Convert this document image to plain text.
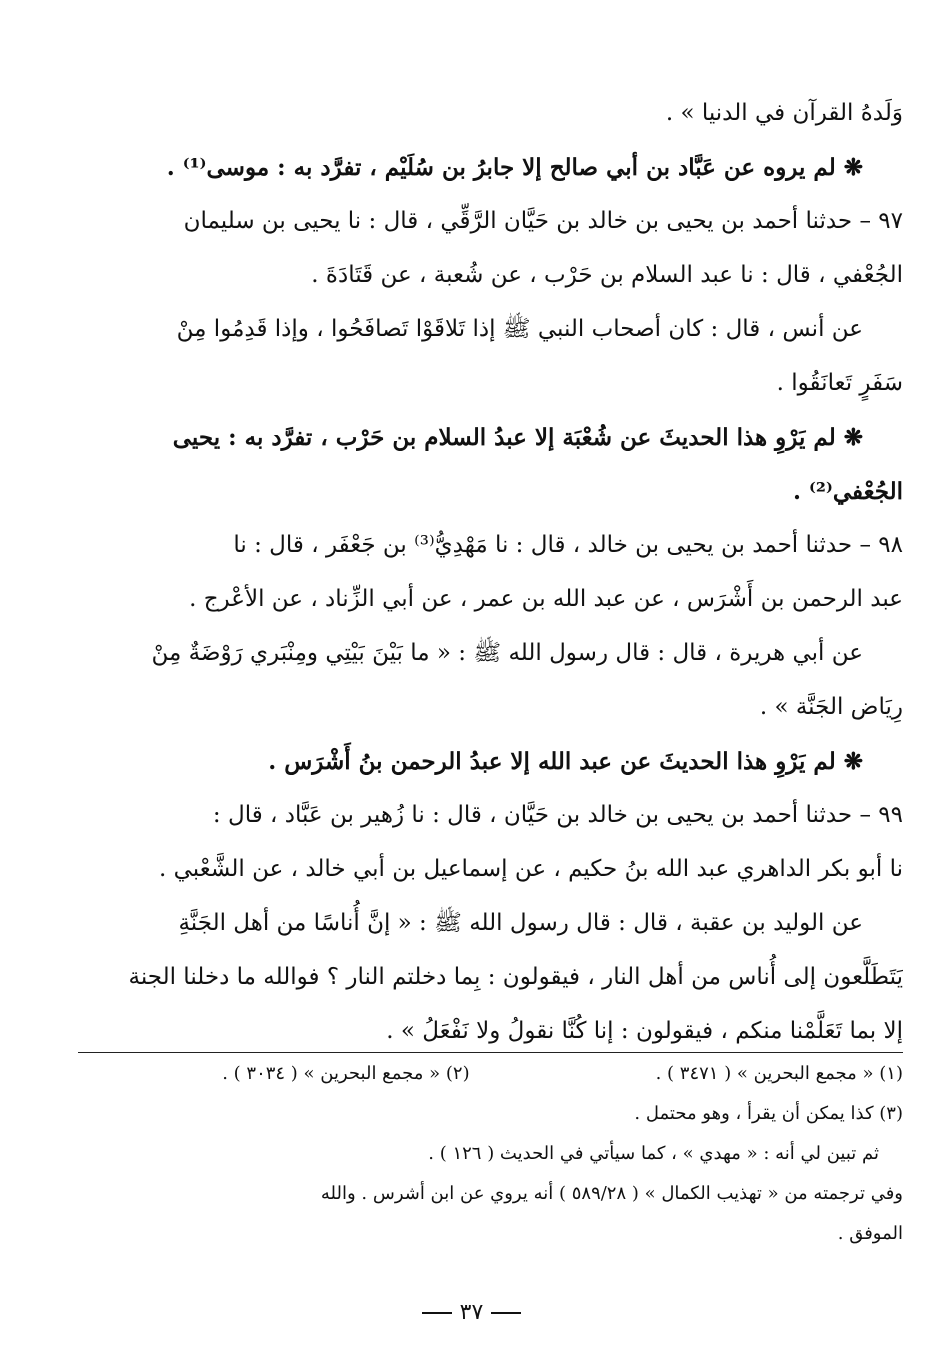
وَلَدهُ القرآن في الدنيا » .
❋ لم يروه عن عَبَّاد بن أبي صالح إلا جابرُ بن سُلَيْم ، تفرَّد به : موسى⁽¹⁾ .
٩٧ – حدثنا أحمد بن يحيى بن خالد بن حَيَّان الرَّقِّي ، قال : نا يحيى بن سليمان
الجُعْفي ، قال : نا عبد السلام بن حَرْب ، عن شُعبة ، عن قَتَادَةَ .
عن أنس ، قال : كان أصحاب النبي ﷺ إذا تَلاقَوْا تَصافَحُوا ، وإذا قَدِمُوا مِنْ
سَفَرٍ تَعانَقُوا .
❋ لم يَرْوِ هذا الحديثَ عن شُعْبَة إلا عبدُ السلام بن حَرْب ، تفرَّد به : يحيى
الجُعْفي⁽²⁾ .
٩٨ – حدثنا أحمد بن يحيى بن خالد ، قال : نا مَهْدِيُّ⁽³⁾ بن جَعْفَر ، قال : نا
عبد الرحمن بن أَشْرَس ، عن عبد الله بن عمر ، عن أبي الزِّناد ، عن الأعْرج .
عن أبي هريرة ، قال : قال رسول الله ﷺ : « ما بَيْنَ بَيْتِي ومِنْبَري رَوْضَةٌ مِنْ
رِيَاض الجَنَّة » .
❋ لم يَرْوِ هذا الحديثَ عن عبد الله إلا عبدُ الرحمن بنُ أَشْرَس .
٩٩ – حدثنا أحمد بن يحيى بن خالد بن حَيَّان ، قال : نا زُهير بن عَبَّاد ، قال :
نا أبو بكر الداهري عبد الله بنُ حكيم ، عن إسماعيل بن أبي خالد ، عن الشَّعْبي .
عن الوليد بن عقبة ، قال : قال رسول الله ﷺ : « إنَّ أُناسًا من أهل الجَنَّةِ
يَتَطَلَّعون إلى أُناس من أهل النار ، فيقولون : بِما دخلتم النار ؟ فوالله ما دخلنا الجنة
إلا بما تَعَلَّمْنا منكم ، فيقولون : إنا كُنَّا نقولُ ولا نَفْعَلُ » .
(١) « مجمع البحرين » ( ٣٤٧١ ) .
(٢) « مجمع البحرين » ( ٣٠٣٤ ) .
(٣) كذا يمكن أن يقرأ ، وهو محتمل .
ثم تبين لي أنه : « مهدي » ، كما سيأتي في الحديث ( ١٢٦ ) .
وفي ترجمته من « تهذيب الكمال » ( ٥٨٩/٢٨ ) أنه يروي عن ابن أشرس . والله
الموفق .
٣٧
